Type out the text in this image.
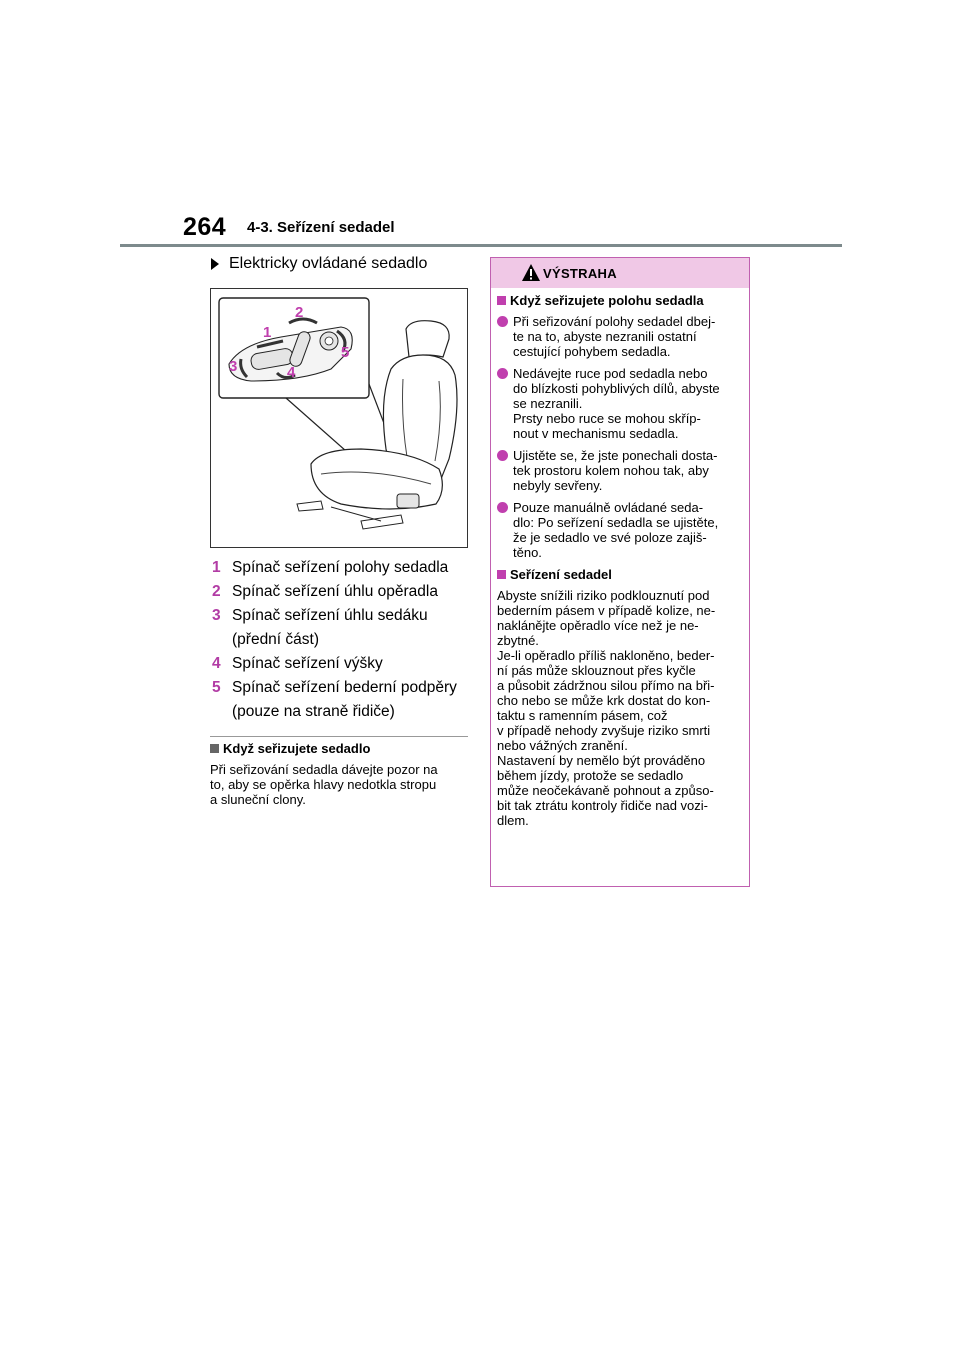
264 4-3. Seřízení sedadel
Elektricky ovládané sedadlo
1
2
3	4
5
1 Spínač seřízení polohy sedadla
2 Spínač seřízení úhlu opěradla
3 Spínač seřízení úhlu sedáku
(přední část)
4 Spínač seřízení výšky
5 Spínač seřízení bederní podpěry
(pouze na straně řidiče)
Když seřizujete sedadlo
Při seřizování sedadla dávejte pozor na
to, aby se opěrka hlavy nedotkla stropu
a sluneční clony.
VÝSTRAHA
Když seřizujete polohu sedadla
Při seřizování polohy sedadel dbej-
te na to, abyste nezranili ostatní
cestující pohybem sedadla.
Nedávejte ruce pod sedadla nebo
do blízkosti pohyblivých dílů, abyste
se nezranili.
Prsty nebo ruce se mohou skříp-
nout v mechanismu sedadla.
Ujistěte se, že jste ponechali dosta-
tek prostoru kolem nohou tak, aby
nebyly sevřeny.
Pouze manuálně ovládané seda-
dlo: Po seřízení sedadla se ujistěte,
že je sedadlo ve své poloze zajiš-
těno.
Seřízení sedadel
Abyste snížili riziko podklouznutí pod
bederním pásem v případě kolize, ne-
naklánějte opěradlo více než je ne-
zbytné.
Je-li opěradlo příliš nakloněno, beder-
ní pás může sklouznout přes kyčle
a působit zádržnou silou přímo na bři-
cho nebo se může krk dostat do kon-
taktu s ramenním pásem, což
v případě nehody zvyšuje riziko smrti
nebo vážných zranění.
Nastavení by nemělo být prováděno
během jízdy, protože se sedadlo
může neočekávaně pohnout a způso-
bit tak ztrátu kontroly řidiče nad vozi-
dlem.
